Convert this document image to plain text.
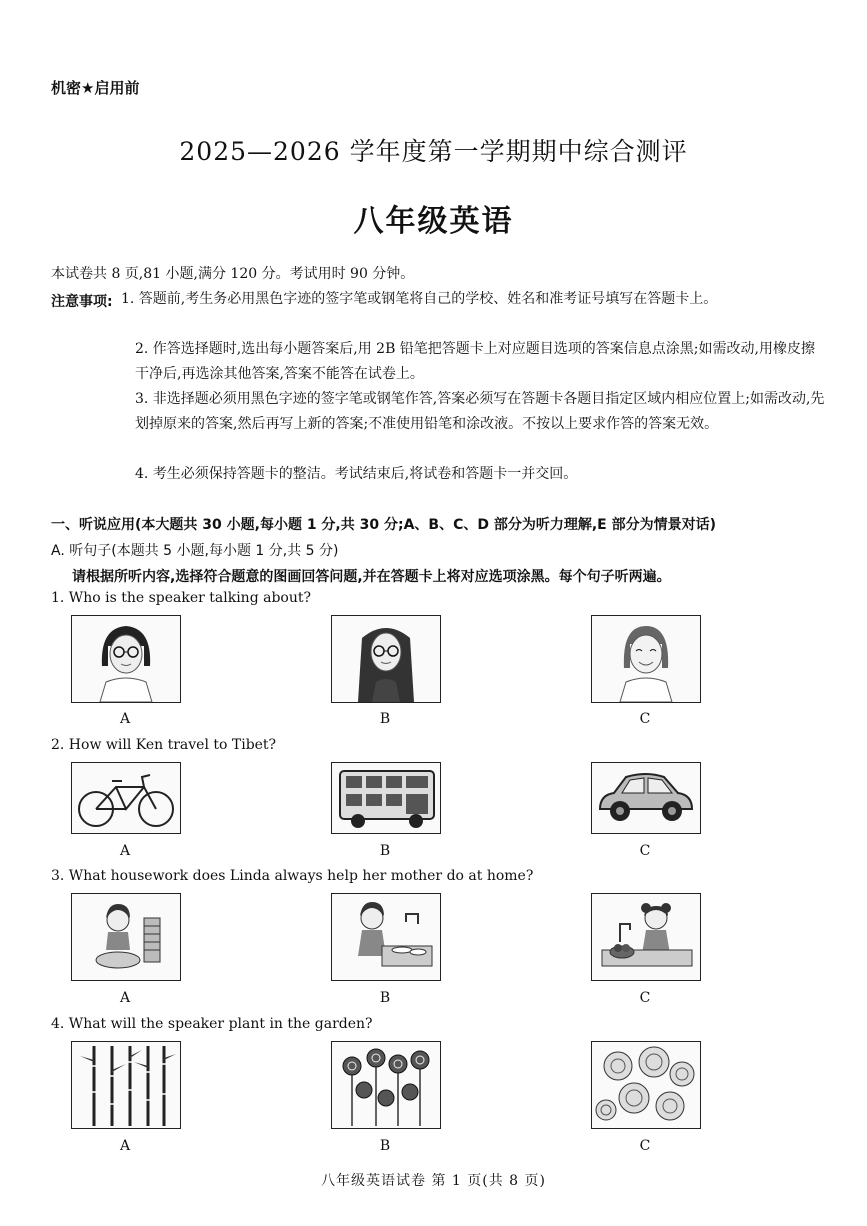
机密★启用前
2025—2026 学年度第一学期期中综合测评
八年级英语
本试卷共 8 页,81 小题,满分 120 分。考试用时 90 分钟。
注意事项: 1. 答题前,考生务必用黑色字迹的签字笔或钢笔将自己的学校、姓名和准考证号填写在答题卡上。
2. 作答选择题时,选出每小题答案后,用 2B 铅笔把答题卡上对应题目选项的答案信息点涂黑;如需改动,用橡皮擦干净后,再选涂其他答案,答案不能答在试卷上。
3. 非选择题必须用黑色字迹的签字笔或钢笔作答,答案必须写在答题卡各题目指定区域内相应位置上;如需改动,先划掉原来的答案,然后再写上新的答案;不准使用铅笔和涂改液。不按以上要求作答的答案无效。
4. 考生必须保持答题卡的整洁。考试结束后,将试卷和答题卡一并交回。
一、听说应用(本大题共 30 小题,每小题 1 分,共 30 分;A、B、C、D 部分为听力理解,E 部分为情景对话)
A. 听句子(本题共 5 小题,每小题 1 分,共 5 分)
请根据所听内容,选择符合题意的图画回答问题,并在答题卡上将对应选项涂黑。每个句子听两遍。
1. Who is the speaker talking about?
A	B	C
2. How will Ken travel to Tibet?
A	B	C
3. What housework does Linda always help her mother do at home?
A	B	C
4. What will the speaker plant in the garden?
A	B	C
八年级英语试卷 第 1 页(共 8 页)
